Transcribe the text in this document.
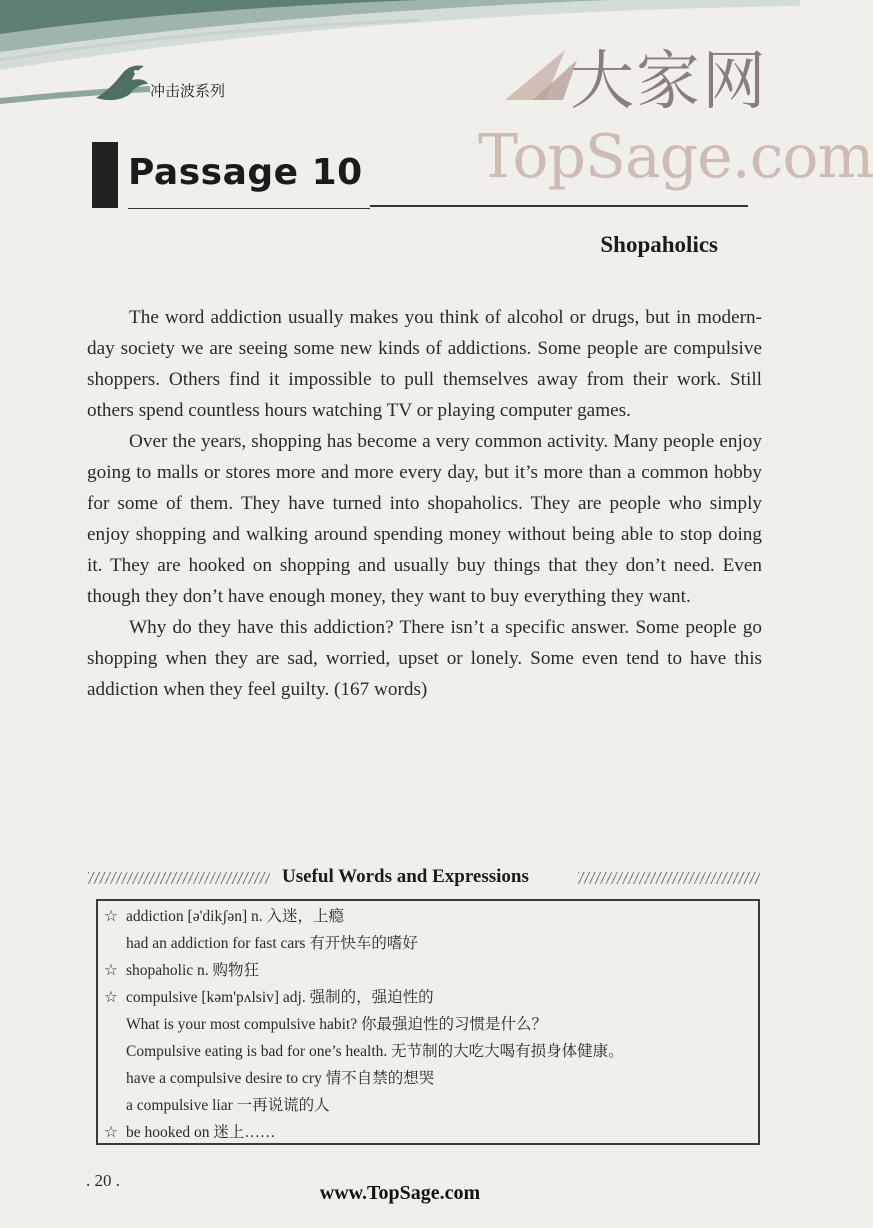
冲击波系列	大家网
TopSage.com
Passage 10
Shopaholics

The word addiction usually makes you think of alcohol or drugs, but in modern-day society we are seeing some new kinds of addictions. Some people are compulsive shoppers. Others find it impossible to pull themselves away from their work. Still others spend countless hours watching TV or playing computer games.

Over the years, shopping has become a very common activity. Many people enjoy going to malls or stores more and more every day, but it’s more than a common hobby for some of them. They have turned into shopaholics. They are people who simply enjoy shopping and walking around spending money without being able to stop doing it. They are hooked on shopping and usually buy things that they don’t need. Even though they don’t have enough money, they want to buy everything they want.

Why do they have this addiction? There isn’t a specific answer. Some people go shopping when they are sad, worried, upset or lonely. Some even tend to have this addiction when they feel guilty. (167 words)

Useful Words and Expressions
☆ addiction [ə'dikʃən] n. 入迷，上瘾
had an addiction for fast cars 有开快车的嗜好
☆ shopaholic n. 购物狂
☆ compulsive [kəm'pʌlsiv] adj. 强制的，强迫性的
What is your most compulsive habit? 你最强迫性的习惯是什么？
Compulsive eating is bad for one’s health. 无节制的大吃大喝有损身体健康。
have a compulsive desire to cry 情不自禁的想哭
a compulsive liar 一再说谎的人
☆ be hooked on 迷上……
. 20 .
www.TopSage.com
